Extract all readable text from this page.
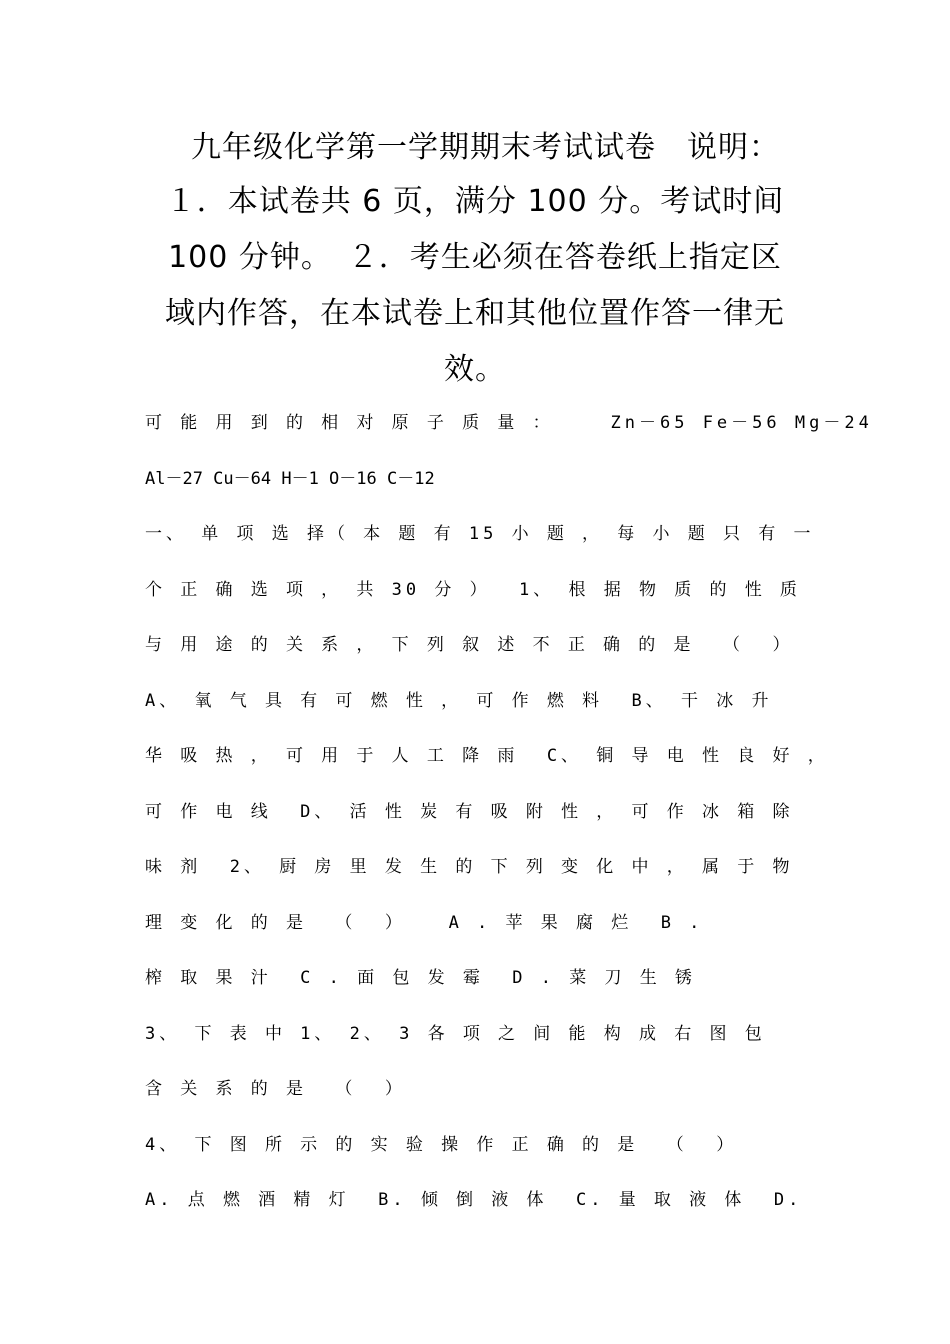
九年级化学第一学期期末考试试卷　说明：
１．本试卷共 6 页，满分 100 分。考试时间
100 分钟。　２．考生必须在答卷纸上指定区
域内作答，在本试卷上和其他位置作答一律无
效。
可 能 用 到 的 相 对 原 子 质 量 ：    Zn－65 Fe－56 Mg－24
Al－27 Cu－64 H－1 O－16 C－12
一、 单 项 选 择（ 本 题 有 15 小 题 ， 每 小 题 只 有 一
个 正 确 选 项 ， 共 30 分 ）  1、 根 据 物 质 的 性 质
与 用 途 的 关 系 ， 下 列 叙 述 不 正 确 的 是  （  ）
A、 氧 气 具 有 可 燃 性 ， 可 作 燃 料  B、 干 冰 升
华 吸 热 ， 可 用 于 人 工 降 雨  C、 铜 导 电 性 良 好 ，
可 作 电 线  D、 活 性 炭 有 吸 附 性 ， 可 作 冰 箱 除
味 剂  2、 厨 房 里 发 生 的 下 列 变 化 中 ， 属 于 物
理 变 化 的 是  （  ）   A . 苹 果 腐 烂  B .
榨 取 果 汁  C . 面 包 发 霉  D . 菜 刀 生 锈
3、 下 表 中 1、 2、 3 各 项 之 间 能 构 成 右 图 包
含 关 系 的 是  （  ）
4、 下 图 所 示 的 实 验 操 作 正 确 的 是  （  ）
A. 点 燃 酒 精 灯  B. 倾 倒 液 体  C. 量 取 液 体  D.
